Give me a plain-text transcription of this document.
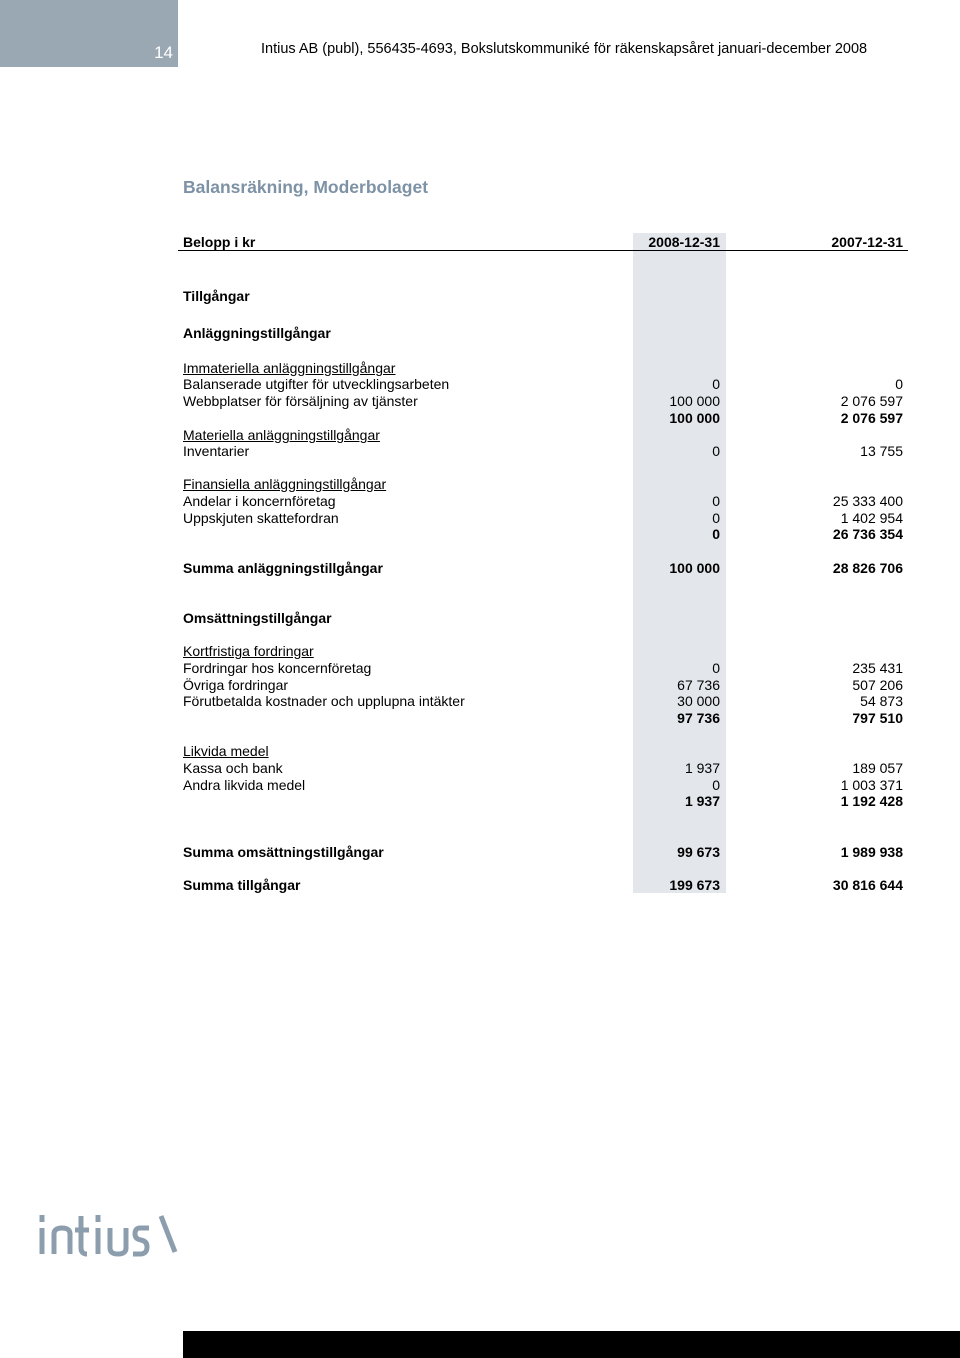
14	Intius AB (publ), 556435-4693, Bokslutskommuniké för räkenskapsåret januari-december 2008
Balansräkning, Moderbolaget
Belopp i kr	2008-12-31	2007-12-31
Tillgångar
Anläggningstillgångar
Immateriella anläggningstillgångar
Balanserade utgifter för utvecklingsarbeten	0	0
Webbplatser för försäljning av tjänster	100 000	2 076 597
100 000	2 076 597
Materiella anläggningstillgångar
Inventarier	0	13 755
Finansiella anläggningstillgångar
Andelar i koncernföretag	0	25 333 400
Uppskjuten skattefordran	0	1 402 954
0	26 736 354
Summa anläggningstillgångar	100 000	28 826 706
Omsättningstillgångar
Kortfristiga fordringar
Fordringar hos koncernföretag	0	235 431
Övriga fordringar	67 736	507 206
Förutbetalda kostnader och upplupna intäkter	30 000	54 873
97 736	797 510
Likvida medel
Kassa och bank	1 937	189 057
Andra likvida medel	0	1 003 371
1 937	1 192 428
Summa omsättningstillgångar	99 673	1 989 938
Summa tillgångar	199 673	30 816 644
